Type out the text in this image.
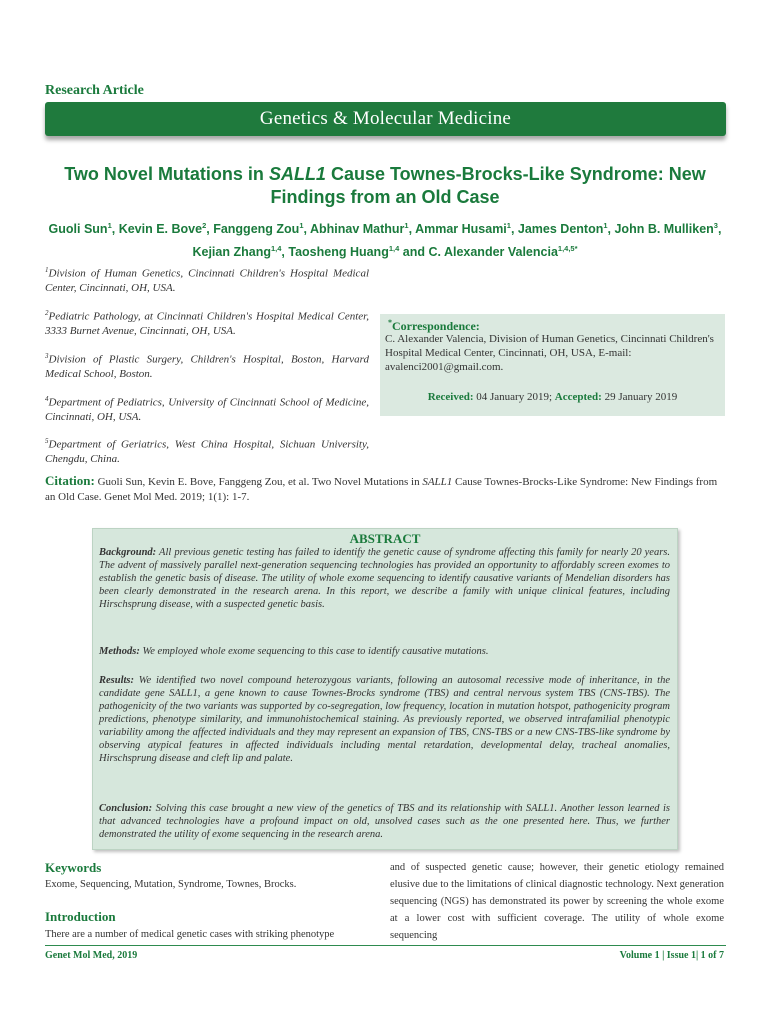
Research Article
Genetics & Molecular Medicine
Two Novel Mutations in SALL1 Cause Townes-Brocks-Like Syndrome: New Findings from an Old Case
Guoli Sun$^1$, Kevin E. Bove$^2$, Fanggeng Zou$^1$, Abhinav Mathur$^1$, Ammar Husami$^1$, James Denton$^1$, John B. Mulliken$^3$, Kejian Zhang$^{1,4}$, Taosheng Huang$^{1,4}$ and C. Alexander Valencia$^{1,4,5*}$
$^1$Division of Human Genetics, Cincinnati Children's Hospital Medical Center, Cincinnati, OH, USA.
$^2$Pediatric Pathology, at Cincinnati Children's Hospital Medical Center, 3333 Burnet Avenue, Cincinnati, OH, USA.
$^3$Division of Plastic Surgery, Children's Hospital, Boston, Harvard Medical School, Boston.
$^4$Department of Pediatrics, University of Cincinnati School of Medicine, Cincinnati, OH, USA.
$^5$Department of Geriatrics, West China Hospital, Sichuan University, Chengdu, China.
*Correspondence:
C. Alexander Valencia, Division of Human Genetics, Cincinnati Children's Hospital Medical Center, Cincinnati, OH, USA, E-mail: avalenci2001@gmail.com.
Received: 04 January 2019; Accepted: 29 January 2019
Citation: Guoli Sun, Kevin E. Bove, Fanggeng Zou, et al. Two Novel Mutations in SALL1 Cause Townes-Brocks-Like Syndrome: New Findings from an Old Case. Genet Mol Med. 2019; 1(1): 1-7.
ABSTRACT
Background: All previous genetic testing has failed to identify the genetic cause of syndrome affecting this family for nearly 20 years. The advent of massively parallel next-generation sequencing technologies has provided an opportunity to affordably screen exomes to establish the genetic basis of disease. The utility of whole exome sequencing to identify causative variants of Mendelian disorders has been clearly demonstrated in the research arena. In this report, we describe a family with unique clinical features, including Hirschsprung disease, with a suspected genetic basis.
Methods: We employed whole exome sequencing to this case to identify causative mutations.
Results: We identified two novel compound heterozygous variants, following an autosomal recessive mode of inheritance, in the candidate gene SALL1, a gene known to cause Townes-Brocks syndrome (TBS) and central nervous system TBS (CNS-TBS). The pathogenicity of the two variants was supported by co-segregation, low frequency, location in mutation hotspot, pathogenicity program predictions, phenotype similarity, and immunohistochemical staining. As previously reported, we observed intrafamilial phenotypic variability among the affected individuals and they may represent an expansion of TBS, CNS-TBS or a new CNS-TBS-like syndrome by observing atypical features in affected individuals including mental retardation, developmental delay, tracheal anomalies, Hirschsprung disease and cleft lip and palate.
Conclusion: Solving this case brought a new view of the genetics of TBS and its relationship with SALL1. Another lesson learned is that advanced technologies have a profound impact on old, unsolved cases such as the one presented here. Thus, we further demonstrated the utility of exome sequencing in the research arena.
Keywords
Exome, Sequencing, Mutation, Syndrome, Townes, Brocks.
Introduction
There are a number of medical genetic cases with striking phenotype
and of suspected genetic cause; however, their genetic etiology remained elusive due to the limitations of clinical diagnostic technology. Next generation sequencing (NGS) has demonstrated its power by screening the whole exome at a lower cost with sufficient coverage. The utility of whole exome sequencing
Genet Mol Med, 2019	Volume 1 | Issue 1| 1 of 7
